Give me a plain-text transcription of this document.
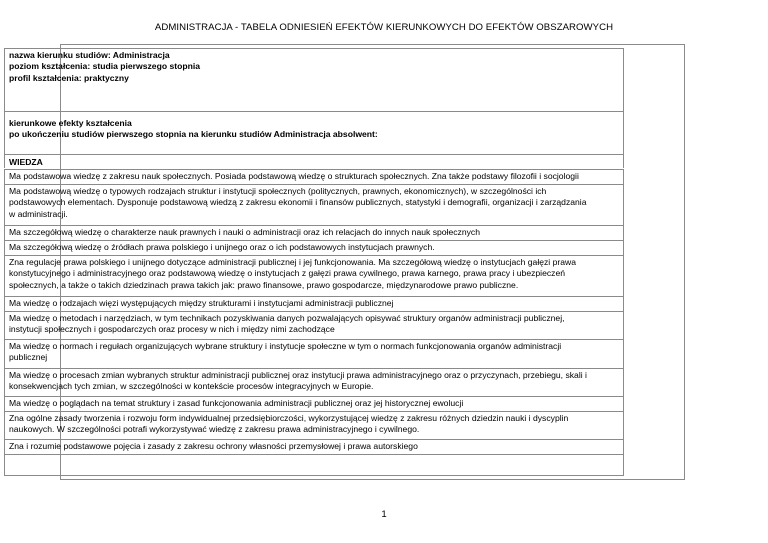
ADMINISTRACJA - TABELA ODNIESIEŃ EFEKTÓW KIERUNKOWYCH DO EFEKTÓW OBSZAROWYCH
nazwa kierunku studiów: Administracja
poziom kształcenia: studia pierwszego stopnia
profil kształcenia: praktyczny
kierunkowe efekty kształcenia
po ukończeniu studiów pierwszego stopnia na kierunku studiów Administracja absolwent:
WIEDZA
Ma podstawowa wiedzę z zakresu nauk społecznych. Posiada podstawową wiedzę o strukturach społecznych. Zna także podstawy filozofii i socjologii
Ma podstawową wiedzę o typowych rodzajach struktur i instytucji społecznych (politycznych, prawnych, ekonomicznych), w szczególności ich
podstawowych elementach. Dysponuje podstawową wiedzą z zakresu ekonomii i finansów publicznych, statystyki i demografii, organizacji i zarządzania
w administracji.
Ma szczegółową wiedzę o charakterze nauk prawnych i nauki o administracji oraz ich relacjach do innych nauk społecznych
Ma szczegółową wiedzę o źródłach prawa polskiego i unijnego oraz o ich podstawowych instytucjach prawnych.
Zna regulacje prawa polskiego i unijnego dotyczące administracji publicznej i jej funkcjonowania. Ma szczegółową wiedzę o instytucjach gałęzi prawa
konstytucyjnego i administracyjnego oraz podstawową wiedzę o instytucjach z gałęzi prawa cywilnego, prawa karnego, prawa pracy i ubezpieczeń
społecznych, a także o takich dziedzinach prawa takich jak: prawo finansowe, prawo gospodarcze, międzynarodowe prawo publiczne.
Ma wiedzę o rodzajach więzi występujących między strukturami i instytucjami administracji publicznej
Ma wiedzę o metodach i narzędziach, w tym technikach pozyskiwania danych pozwalających opisywać struktury organów administracji publicznej,
instytucji społecznych i gospodarczych oraz procesy w nich i między nimi zachodzące
Ma wiedzę o normach i regułach organizujących wybrane struktury i instytucje społeczne w tym o normach funkcjonowania organów administracji
publicznej
Ma wiedzę o procesach zmian wybranych struktur administracji publicznej oraz instytucji prawa administracyjnego oraz o przyczynach, przebiegu, skali i
konsekwencjach tych zmian, w szczególności w kontekście procesów integracyjnych w Europie.
Ma wiedzę o poglądach na temat struktury i zasad funkcjonowania administracji publicznej oraz jej historycznej ewolucji
Zna ogólne zasady tworzenia i rozwoju form indywidualnej przedsiębiorczości, wykorzystującej wiedzę z zakresu różnych dziedzin nauki i dyscyplin
naukowych. W szczególności potrafi wykorzystywać wiedzę z zakresu prawa administracyjnego i cywilnego.
Zna i rozumie podstawowe pojęcia i zasady z zakresu ochrony własności przemysłowej i prawa autorskiego
1
